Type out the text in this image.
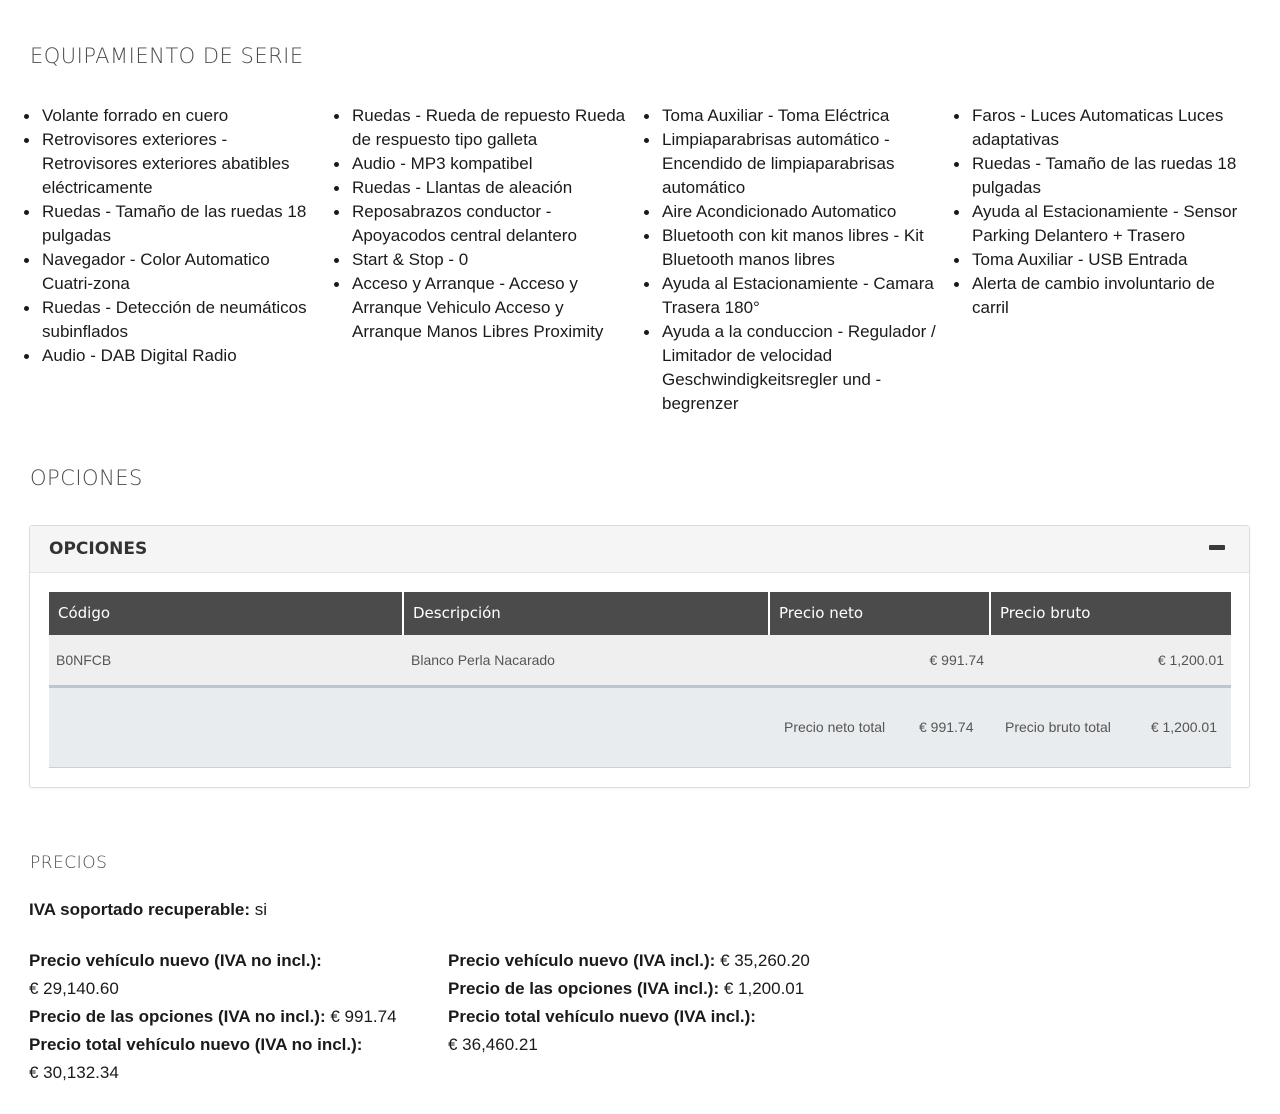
EQUIPAMIENTO DE SERIE
Volante forrado en cuero
Retrovisores exteriores - Retrovisores exteriores abatibles eléctricamente
Ruedas - Tamaño de las ruedas 18 pulgadas
Navegador - Color Automatico Cuatri-zona
Ruedas - Detección de neumáticos subinflados
Audio - DAB Digital Radio
Ruedas - Rueda de repuesto Rueda de respuesto tipo galleta
Audio - MP3 kompatibel
Ruedas - Llantas de aleación
Reposabrazos conductor - Apoyacodos central delantero
Start & Stop - 0
Acceso y Arranque - Acceso y Arranque Vehiculo Acceso y Arranque Manos Libres Proximity
Toma Auxiliar - Toma Eléctrica
Limpiaparabrisas automático - Encendido de limpiaparabrisas automático
Aire Acondicionado Automatico
Bluetooth con kit manos libres - Kit Bluetooth manos libres
Ayuda al Estacionamiente - Camara Trasera 180°
Ayuda a la conduccion - Regulador / Limitador de velocidad Geschwindigkeitsregler und - begrenzer
Faros - Luces Automaticas Luces adaptativas
Ruedas - Tamaño de las ruedas 18 pulgadas
Ayuda al Estacionamiente - Sensor Parking Delantero + Trasero
Toma Auxiliar - USB Entrada
Alerta de cambio involuntario de carril
OPCIONES
OPCIONES
Código	Descripción	Precio neto	Precio bruto
B0NFCB	Blanco Perla Nacarado	€ 991.74	€ 1,200.01
Precio neto total € 991.74 Precio bruto total	€ 1,200.01
PRECIOS
IVA soportado recuperable: si
Precio vehículo nuevo (IVA no incl.):
€ 29,140.60
Precio de las opciones (IVA no incl.): € 991.74
Precio total vehículo nuevo (IVA no incl.):
€ 30,132.34
Precio vehículo nuevo (IVA incl.): € 35,260.20
Precio de las opciones (IVA incl.): € 1,200.01
Precio total vehículo nuevo (IVA incl.):
€ 36,460.21
